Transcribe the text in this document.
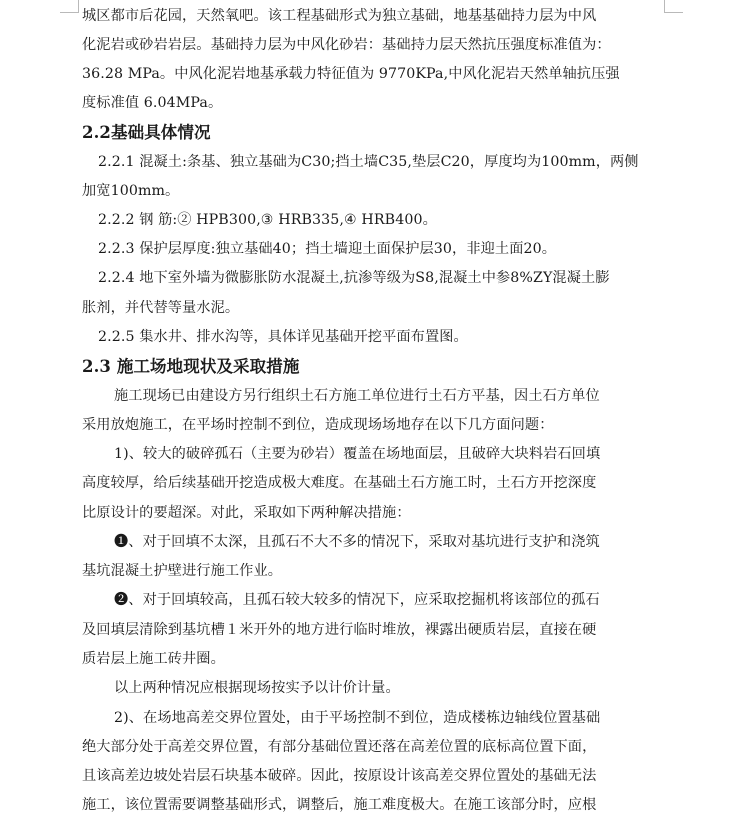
城区都市后花园，天然氧吧。该工程基础形式为独立基础，地基基础持力层为中风
化泥岩或砂岩岩层。基础持力层为中风化砂岩：基础持力层天然抗压强度标准值为：
36.28 MPa。中风化泥岩地基承载力特征值为 9770KPa,中风化泥岩天然单轴抗压强
度标准值 6.04MPa。
2.2基础具体情况
2.2.1 混凝土:条基、独立基础为C30;挡土墙C35,垫层C20，厚度均为100mm，两侧
加宽100mm。
2.2.2 钢 筋:② HPB300,③ HRB335,④ HRB400。
2.2.3 保护层厚度:独立基础40；挡土墙迎土面保护层30，非迎土面20。
2.2.4 地下室外墙为微膨胀防水混凝土,抗渗等级为S8,混凝土中参8%ZY混凝土膨
胀剂，并代替等量水泥。
2.2.5 集水井、排水沟等，具体详见基础开挖平面布置图。
2.3 施工场地现状及采取措施
施工现场已由建设方另行组织土石方施工单位进行土石方平基，因土石方单位
采用放炮施工，在平场时控制不到位，造成现场场地存在以下几方面问题：
1)、较大的破碎孤石（主要为砂岩）覆盖在场地面层，且破碎大块料岩石回填
高度较厚，给后续基础开挖造成极大难度。在基础土石方施工时，土石方开挖深度
比原设计的要超深。对此，采取如下两种解决措施：
➊、对于回填不太深，且孤石不大不多的情况下，采取对基坑进行支护和浇筑
基坑混凝土护壁进行施工作业。
➋、对于回填较高，且孤石较大较多的情况下，应采取挖掘机将该部位的孤石
及回填层清除到基坑槽１米开外的地方进行临时堆放，裸露出硬质岩层，直接在硬
质岩层上施工砖井圈。
以上两种情况应根据现场按实予以计价计量。
2)、在场地高差交界位置处，由于平场控制不到位，造成楼栋边轴线位置基础
绝大部分处于高差交界位置，有部分基础位置还落在高差位置的底标高位置下面，
且该高差边坡处岩层石块基本破碎。因此，按原设计该高差交界位置处的基础无法
施工，该位置需要调整基础形式，调整后，施工难度极大。在施工该部分时，应根
